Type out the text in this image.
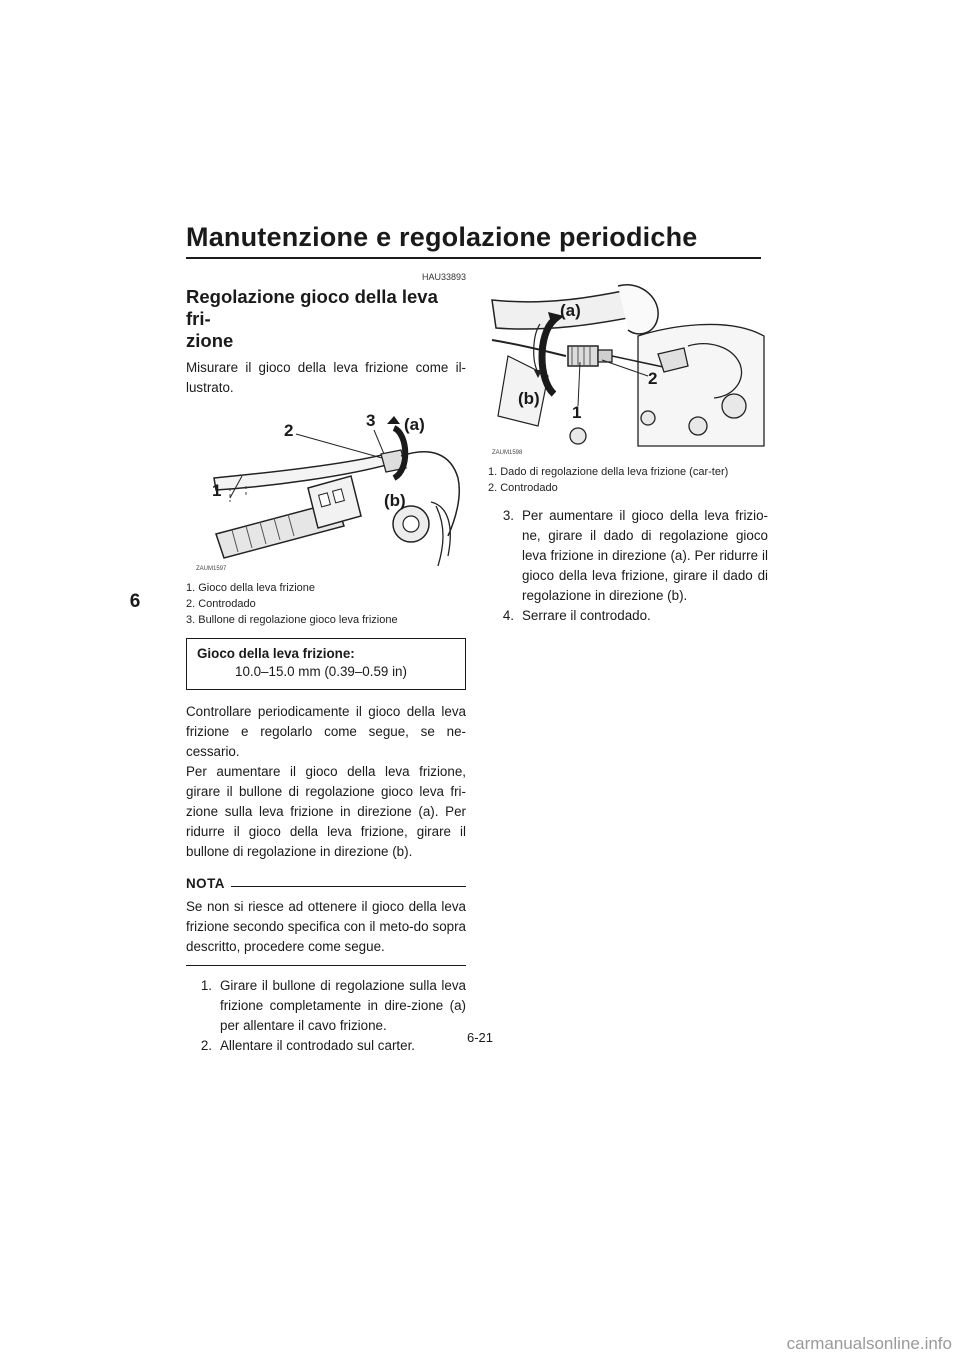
Manutenzione e regolazione periodiche
6
HAU33893
Regolazione gioco della leva fri-
zione

Misurare il gioco della leva frizione come il-lustrato.

2
3 (a)
1
(b)
ZAUM1597
1. Gioco della leva frizione
2. Controdado
3. Bullone di regolazione gioco leva frizione
Gioco della leva frizione:
10.0–15.0 mm (0.39–0.59 in)

Controllare periodicamente il gioco della leva frizione e regolarlo come segue, se ne-cessario.

Per aumentare il gioco della leva frizione, girare il bullone di regolazione gioco leva fri-zione sulla leva frizione in direzione (a). Per ridurre il gioco della leva frizione, girare il bullone di regolazione in direzione (b).

NOTA
Se non si riesce ad ottenere il gioco della leva frizione secondo specifica con il meto-do sopra descritto, procedere come segue.
1. Girare il bullone di regolazione sulla leva frizione completamente in dire-zione (a) per allentare il cavo frizione.
2. Allentare il controdado sul carter.
(a)
(b)
1
2
ZAUM1598
1. Dado di regolazione della leva frizione (car-ter)
2. Controdado
3. Per aumentare il gioco della leva frizio-ne, girare il dado di regolazione gioco leva frizione in direzione (a). Per ridurre il gioco della leva frizione, girare il dado di regolazione in direzione (b).
4. Serrare il controdado.
6-21
carmanualsonline.info
